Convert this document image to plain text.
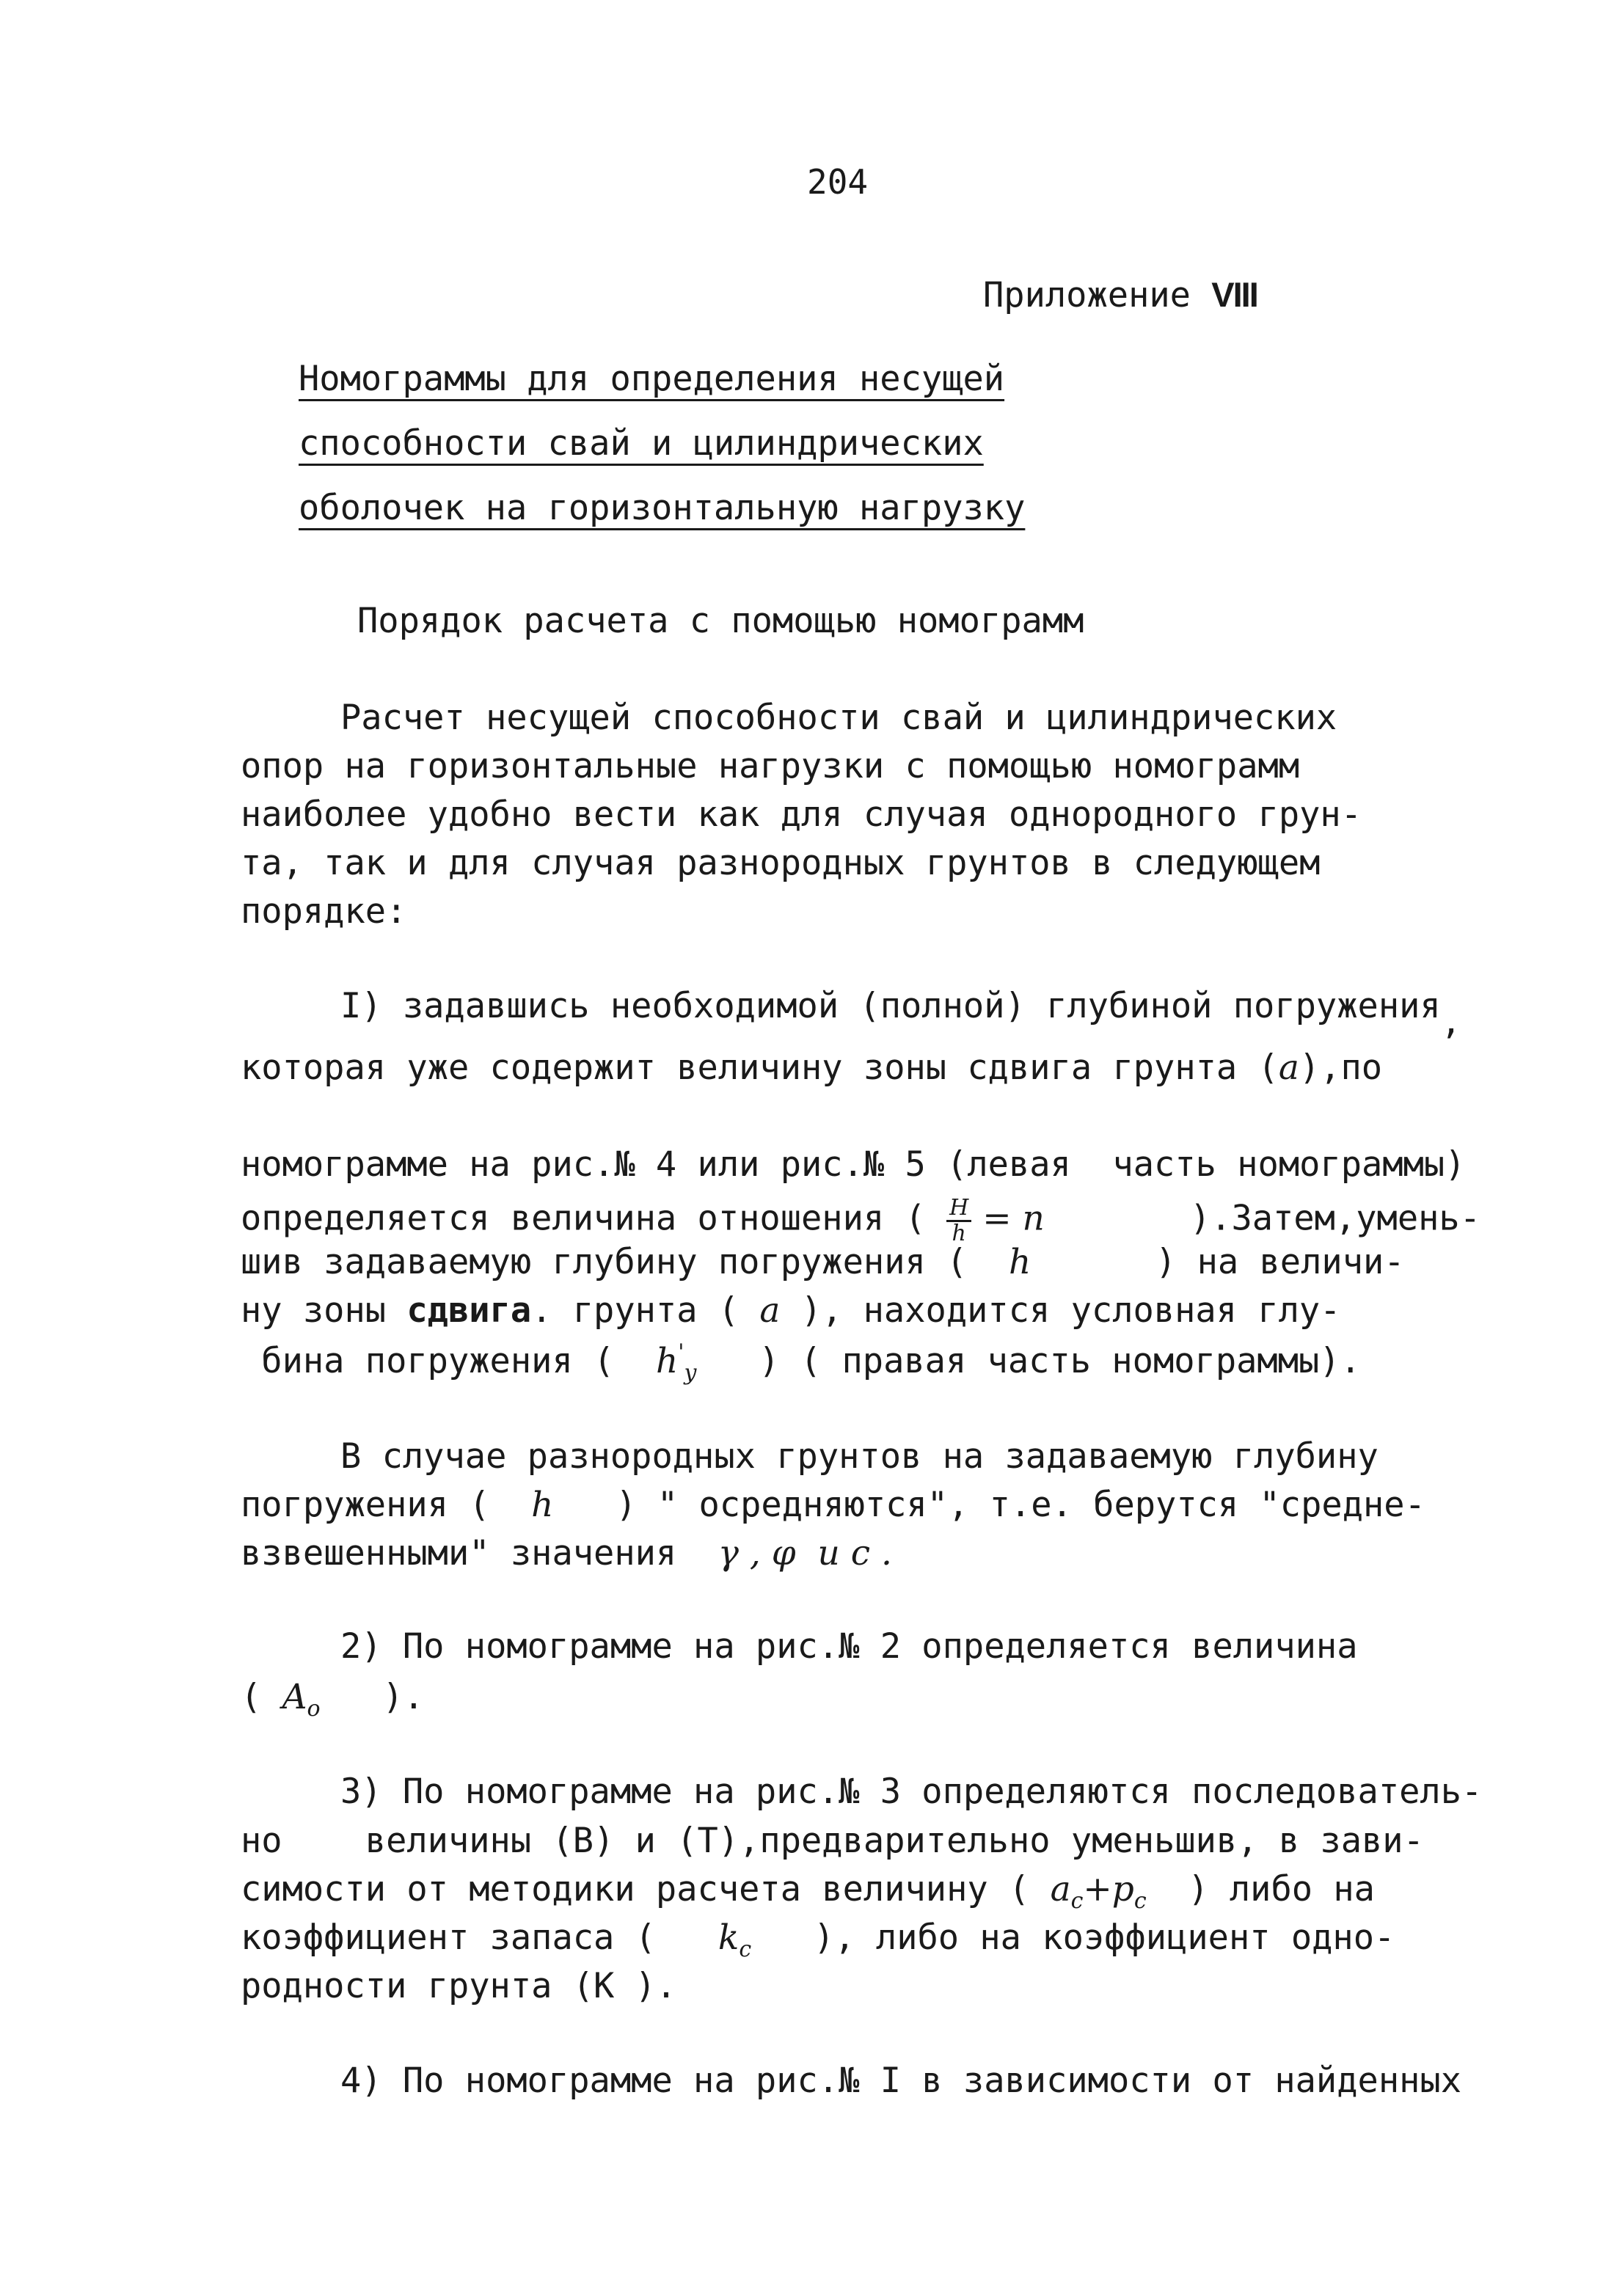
204
Приложение VIII
Номограммы для определения несущей
способности свай и цилиндрических
оболочек на горизонтальную нагрузку
Порядок расчета с помощью номограмм
Расчет несущей способности свай и цилиндрических
опор на горизонтальные нагрузки с помощью номограмм
наиболее удобно вести как для случая однородного грун-
та, так и для случая разнородных грунтов в следующем
порядке:
I) задавшись необходимой (полной) глубиной погружения,
которая уже содержит величину зоны сдвига грунта (a),по
номограмме на рис.№ 4 или рис.№ 5 (левая  часть номограммы)
определяется величина отношения ( $\frac{H}{h} = n$       ).Затем,умень-
шив задаваемую глубину погружения (  h      ) на величи-
ну зоны сдвига. грунта ( a ), находится условная глу-
бина погружения (  $h'_y$   ) ( правая часть номограммы).
В случае разнородных грунтов на задаваемую глубину
погружения (  h   ) " осредняются", т.е. берутся "средне-
взвешенными" значения  γ , φ  и c .
2) По номограмме на рис.№ 2 определяется величина
( $A_o$   ).
3) По номограмме на рис.№ 3 определяются последователь-
но    величины (B) и (T),предварительно уменьшив, в зави-
симости от методики расчета величину ( $a_c+p_c$  ) либо на
коэффициент запаса (   $k_c$   ), либо на коэффициент одно-
родности грунта (К ).
4) По номограмме на рис.№ I в зависимости от найденных
